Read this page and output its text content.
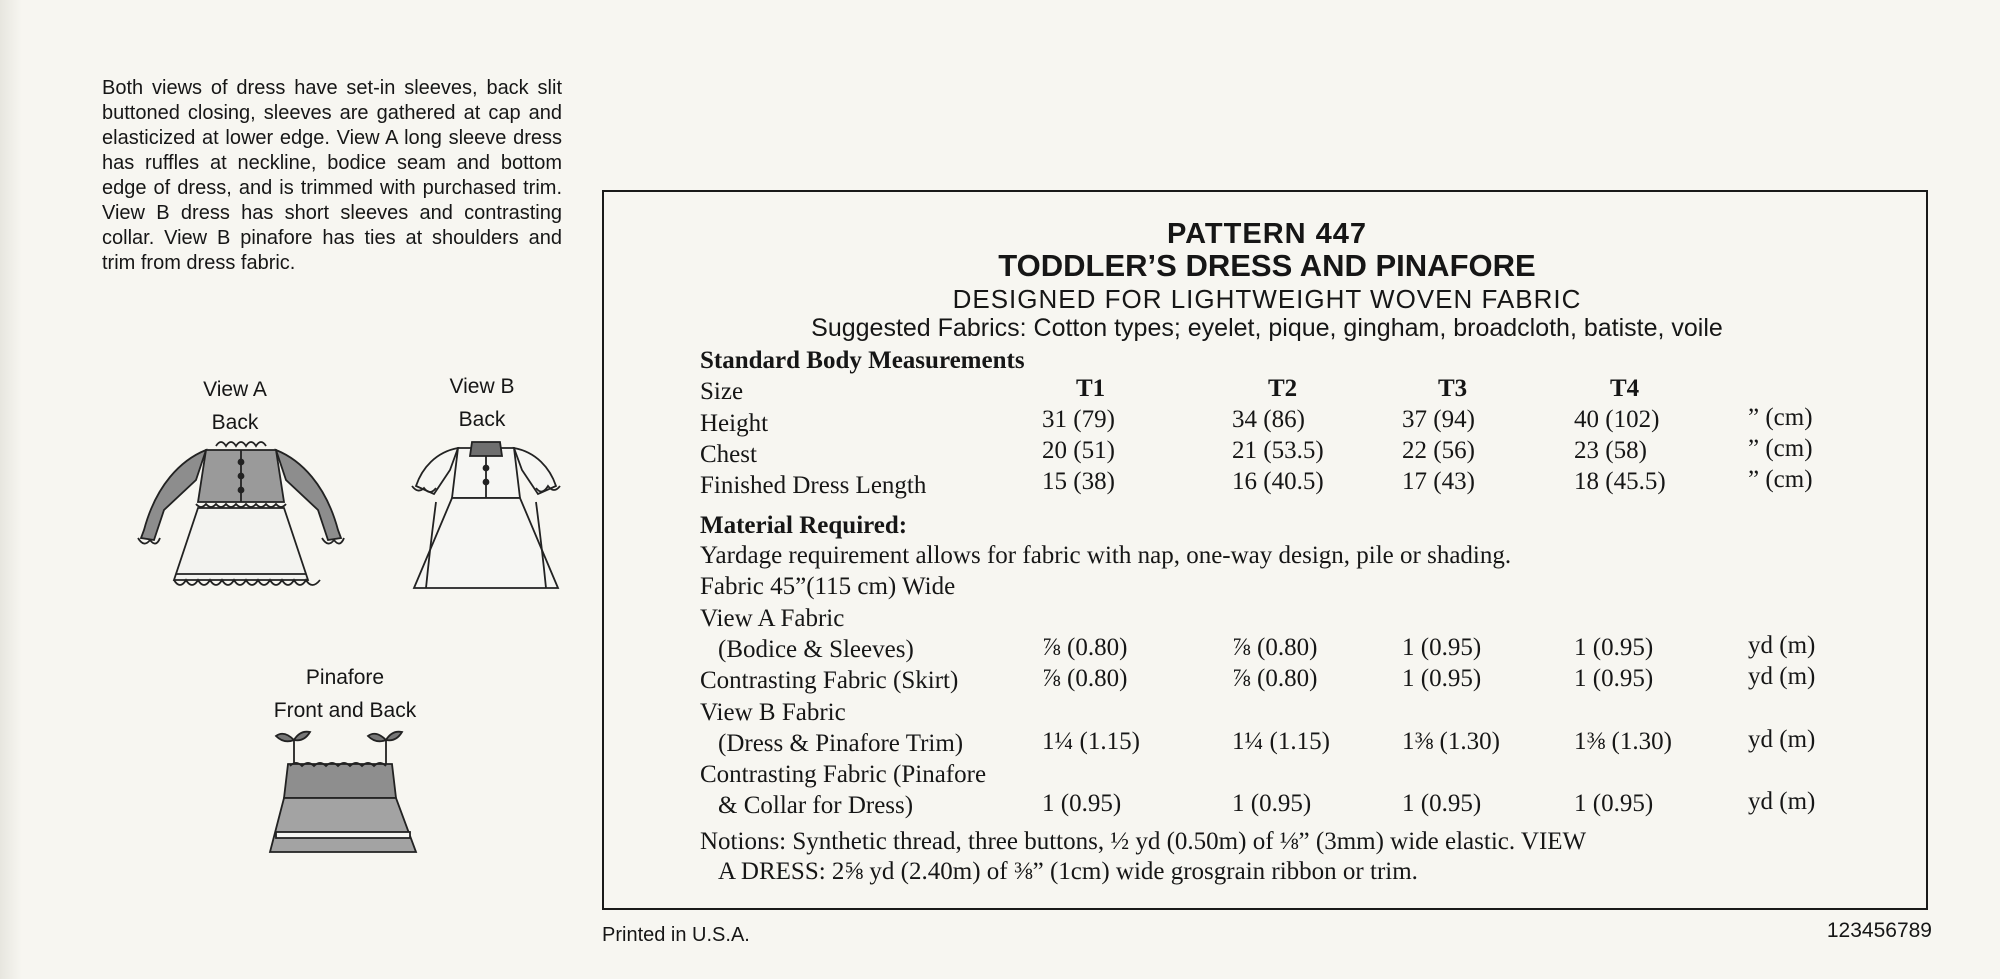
Both views of dress have set-in sleeves, back slit buttoned closing, sleeves are gathered at cap and elasticized at lower edge. View A long sleeve dress has ruffles at neckline, bodice seam and bottom edge of dress, and is trimmed with purchased trim. View B dress has short sleeves and contrasting collar. View B pinafore has ties at shoulders and trim from dress fabric.

View A
Back
View B
Back
Pinafore
Front and Back
PATTERN 447
TODDLER’S DRESS AND PINAFORE
DESIGNED FOR LIGHTWEIGHT WOVEN FABRIC
Suggested Fabrics: Cotton types; eyelet, pique, gingham, broadcloth, batiste, voile
Standard Body Measurements
Size	T1	T2	T3	T4
Height	31 (79)	34 (86)	37 (94)	40 (102)	” (cm)
Chest	20 (51)	21 (53.5)	22 (56)	23 (58)	” (cm)
Finished Dress Length	15 (38)	16 (40.5)	17 (43)	18 (45.5)	” (cm)
Material Required:
Yardage requirement allows for fabric with nap, one-way design, pile or shading.
Fabric 45”(115 cm) Wide
View A Fabric
(Bodice & Sleeves)	⅞ (0.80)	⅞ (0.80)	1 (0.95)	1 (0.95)	yd (m)
Contrasting Fabric (Skirt)	⅞ (0.80)	⅞ (0.80)	1 (0.95)	1 (0.95)	yd (m)
View B Fabric
(Dress & Pinafore Trim)	1¼ (1.15)	1¼ (1.15)	1⅜ (1.30)	1⅜ (1.30)	yd (m)
Contrasting Fabric (Pinafore
& Collar for Dress)	1 (0.95)	1 (0.95)	1 (0.95)	1 (0.95)	yd (m)
Notions: Synthetic thread, three buttons, ½ yd (0.50m) of ⅛” (3mm) wide elastic. VIEW
A DRESS: 2⅝ yd (2.40m) of ⅜” (1cm) wide grosgrain ribbon or trim.
Printed in U.S.A.	123456789
